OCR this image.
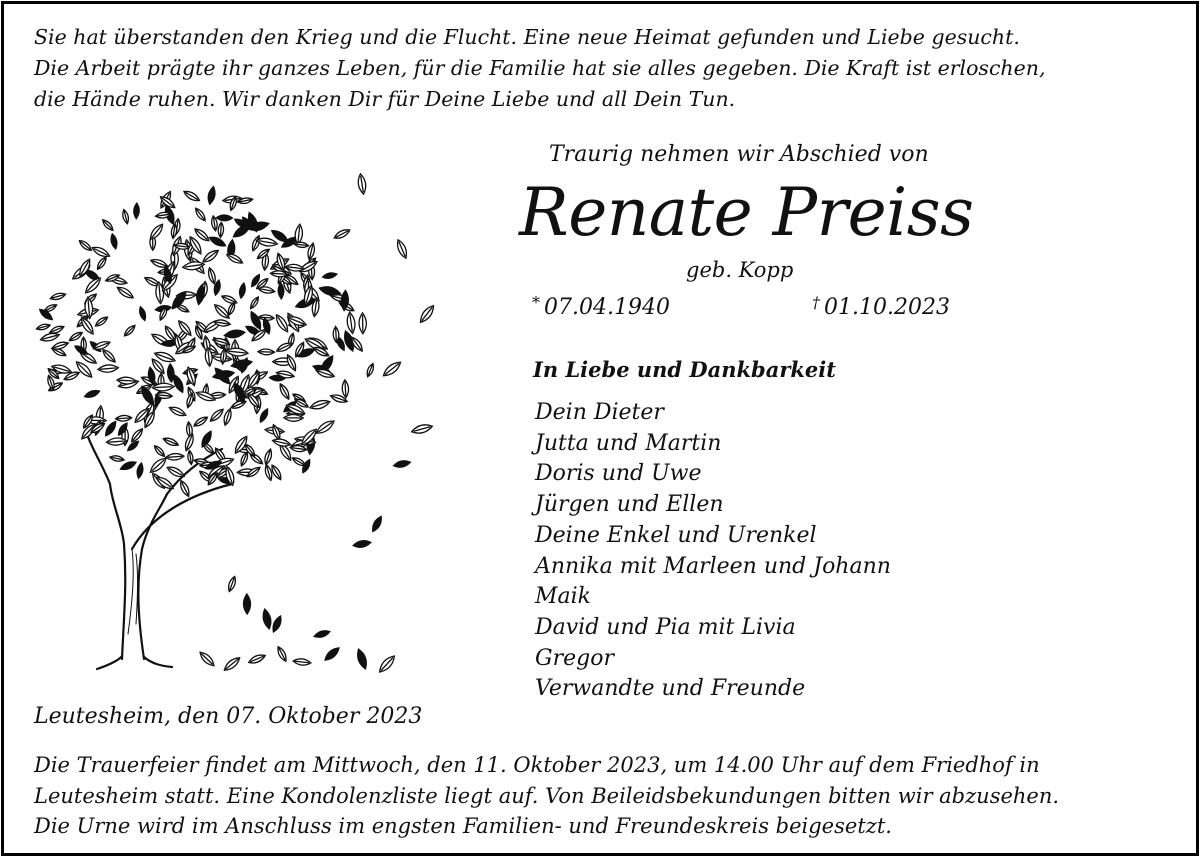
Sie hat überstanden den Krieg und die Flucht. Eine neue Heimat gefunden und Liebe gesucht.
Die Arbeit prägte ihr ganzes Leben, für die Familie hat sie alles gegeben. Die Kraft ist erloschen,
die Hände ruhen. Wir danken Dir für Deine Liebe und all Dein Tun.
Traurig nehmen wir Abschied von
Renate Preiss
geb. Kopp
* 07.04.1940	† 01.10.2023
In Liebe und Dankbarkeit
Dein Dieter
Jutta und Martin
Doris und Uwe
Jürgen und Ellen
Deine Enkel und Urenkel
Annika mit Marleen und Johann
Maik
David und Pia mit Livia
Gregor
Verwandte und Freunde
Leutesheim, den 07. Oktober 2023
Die Trauerfeier findet am Mittwoch, den 11. Oktober 2023, um 14.00 Uhr auf dem Friedhof in
Leutesheim statt. Eine Kondolenzliste liegt auf. Von Beileidsbekundungen bitten wir abzusehen.
Die Urne wird im Anschluss im engsten Familien- und Freundeskreis beigesetzt.
